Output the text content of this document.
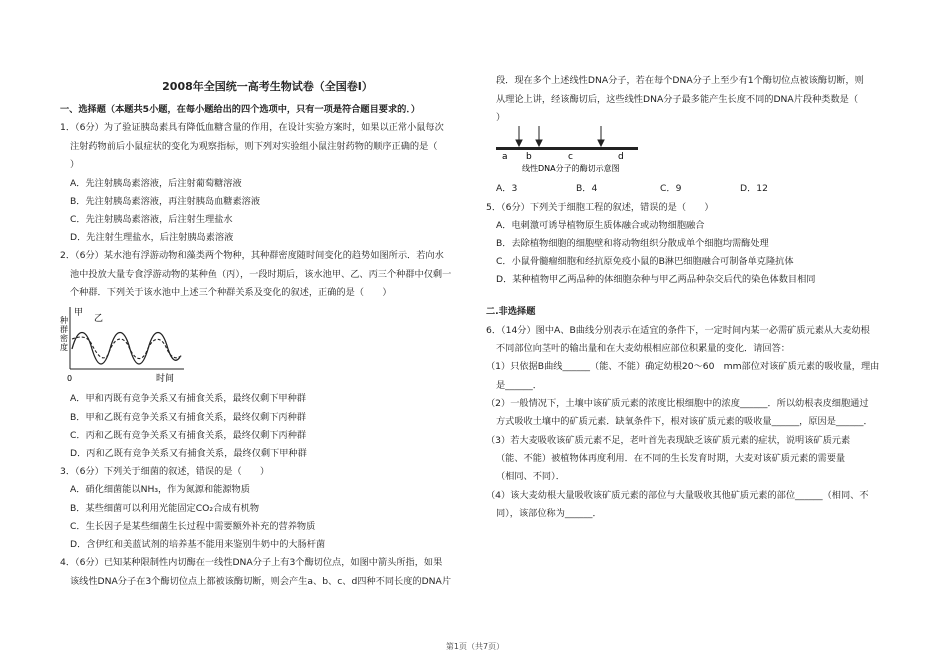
2008年全国统一高考生物试卷（全国卷Ⅰ）
一、选择题（本题共5小题，在每小题给出的四个选项中，只有一项是符合题目要求的．）
1．（6分）为了验证胰岛素具有降低血糖含量的作用，在设计实验方案时，如果以正常小鼠每次
注射药物前后小鼠症状的变化为观察指标，则下列对实验组小鼠注射药物的顺序正确的是（
）
A．先注射胰岛素溶液，后注射葡萄糖溶液
B．先注射胰岛素溶液，再注射胰岛血糖素溶液
C．先注射胰岛素溶液，后注射生理盐水
D．先注射生理盐水，后注射胰岛素溶液
2．（6分）某水池有浮游动物和藻类两个物种，其种群密度随时间变化的趋势如图所示．若向水
池中投放大量专食浮游动物的某种鱼（丙），一段时期后，该水池甲、乙、丙三个种群中仅剩一
个种群．下列关于该水池中上述三个种群关系及变化的叙述，正确的是（　　）
种群密度
甲
乙
0	时间
A．甲和丙既有竞争关系又有捕食关系，最终仅剩下甲种群
B．甲和乙既有竞争关系又有捕食关系，最终仅剩下丙种群
C．丙和乙既有竞争关系又有捕食关系，最终仅剩下丙种群
D．丙和乙既有竞争关系又有捕食关系，最终仅剩下甲种群
3．（6分）下列关于细菌的叙述，错误的是（　　）
A．硝化细菌能以NH₃，作为氮源和能源物质
B．某些细菌可以利用光能固定CO₂合成有机物
C．生长因子是某些细菌生长过程中需要额外补充的营养物质
D．含伊红和美蓝试剂的培养基不能用来鉴别牛奶中的大肠杆菌
4．（6分）已知某种限制性内切酶在一线性DNA分子上有3个酶切位点，如图中箭头所指，如果
该线性DNA分子在3个酶切位点上都被该酶切断，则会产生a、b、c、d四种不同长度的DNA片
段．现在多个上述线性DNA分子，若在每个DNA分子上至少有1个酶切位点被该酶切断，则
从理论上讲，经该酶切后，这些线性DNA分子最多能产生长度不同的DNA片段种类数是（
）
a b	c	d
线性DNA分子的酶切示意图
A．3	B．4	C．9	D．12
5．（6分）下列关于细胞工程的叙述，错误的是（　　）
A．电刺激可诱导植物原生质体融合或动物细胞融合
B．去除植物细胞的细胞壁和将动物组织分散成单个细胞均需酶处理
C．小鼠骨髓瘤细胞和经抗原免疫小鼠的B淋巴细胞融合可制备单克隆抗体
D．某种植物甲乙两品种的体细胞杂种与甲乙两品种杂交后代的染色体数目相同
二.非选择题
6．（14分）图中A、B曲线分别表示在适宜的条件下，一定时间内某一必需矿质元素从大麦幼根
不同部位向茎叶的输出量和在大麦幼根相应部位积累量的变化．请回答：
（1）只依据B曲线______（能、不能）确定幼根20～60　mm部位对该矿质元素的吸收量，理由
是______．
（2）一般情况下，土壤中该矿质元素的浓度比根细胞中的浓度______．所以幼根表皮细胞通过
方式吸收土壤中的矿质元素．缺氧条件下，根对该矿质元素的吸收量______，原因是______．
（3）若大麦吸收该矿质元素不足，老叶首先表现缺乏该矿质元素的症状，说明该矿质元素
（能、不能）被植物体再度利用．在不同的生长发育时期，大麦对该矿质元素的需要量
（相同、不同）．
（4）该大麦幼根大量吸收该矿质元素的部位与大量吸收其他矿质元素的部位______（相同、不
同），该部位称为______．
第1页（共7页）
